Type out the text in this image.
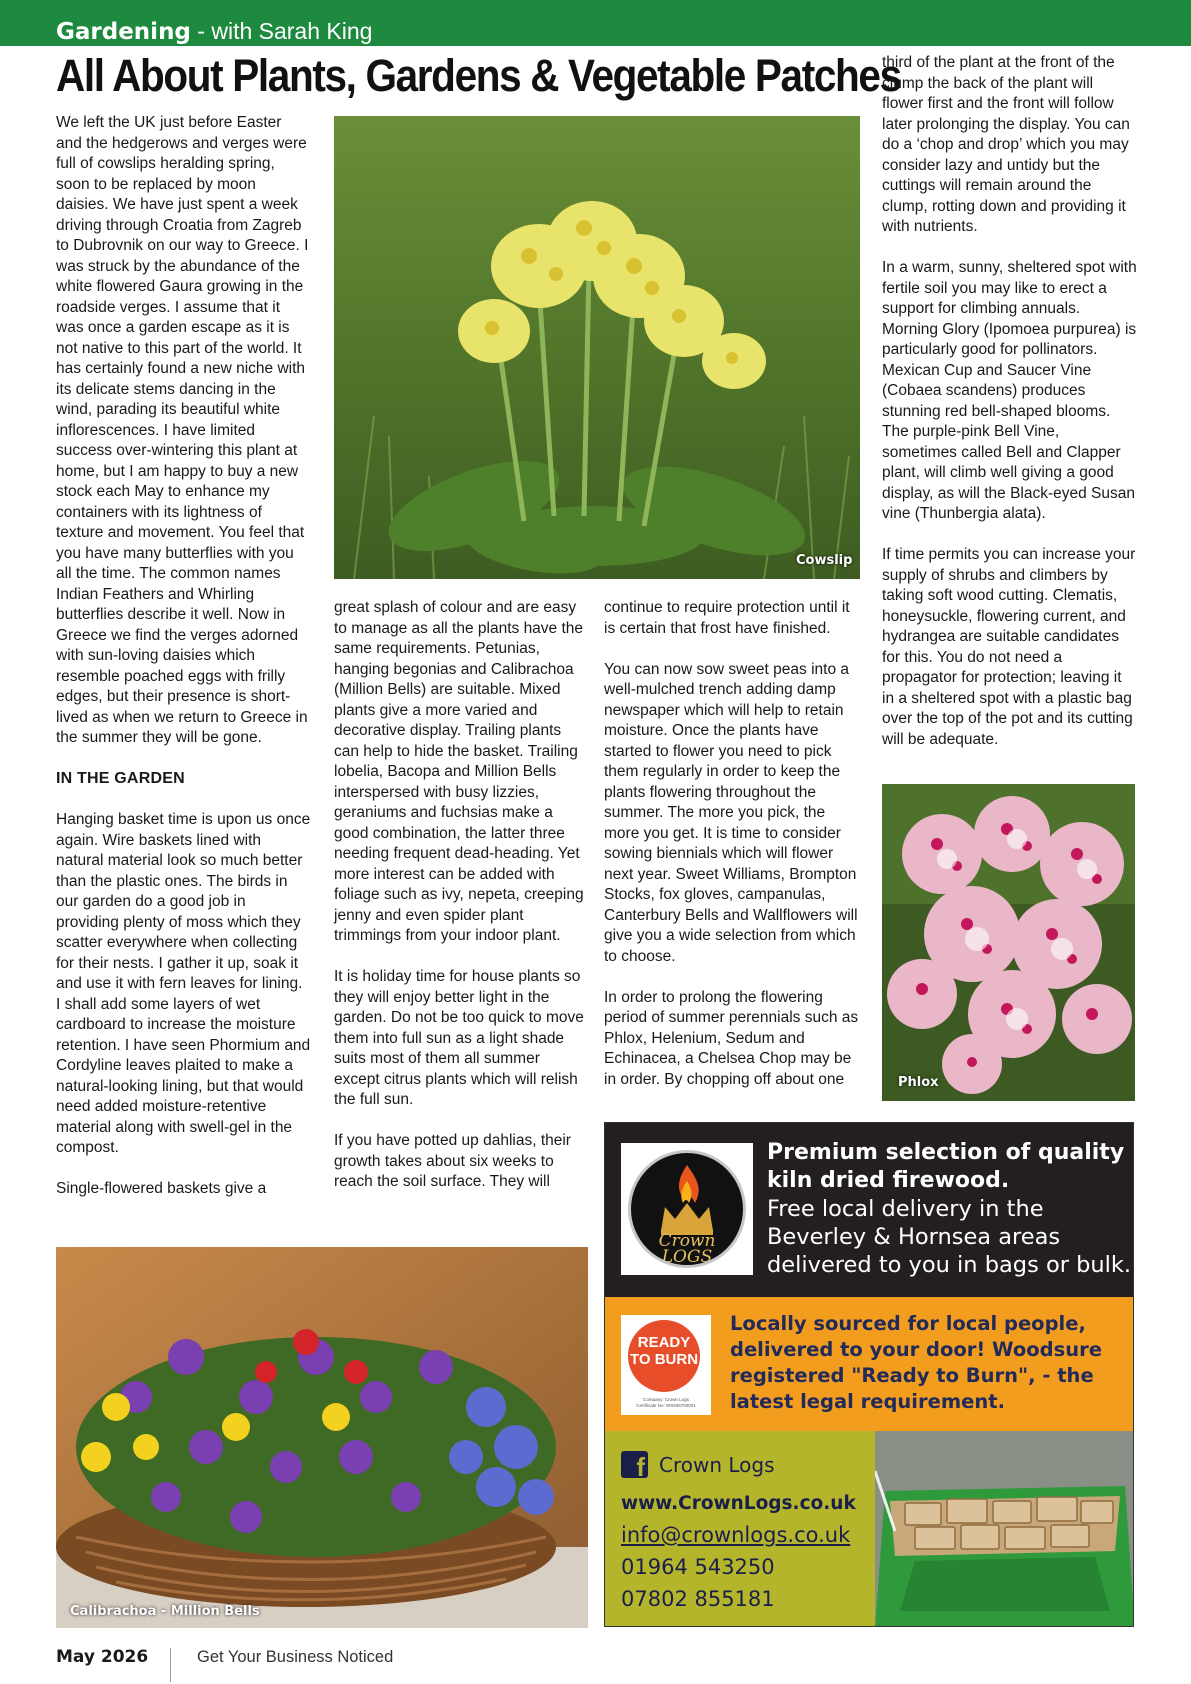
Gardening - with Sarah King
All About Plants, Gardens & Vegetable Patches

We left the UK just before Easter and the hedgerows and verges were full of cowslips heralding spring, soon to be replaced by moon daisies. We have just spent a week driving through Croatia from Zagreb to Dubrovnik on our way to Greece. I was struck by the abundance of the white flowered Gaura growing in the roadside verges. I assume that it was once a garden escape as it is not native to this part of the world. It has certainly found a new niche with its delicate stems dancing in the wind, parading its beautiful white inflorescences. I have limited success over-wintering this plant at home, but I am happy to buy a new stock each May to enhance my containers with its lightness of texture and movement. You feel that you have many butterflies with you all the time. The common names Indian Feathers and Whirling butterflies describe it well. Now in Greece we find the verges adorned with sun-loving daisies which resemble poached eggs with frilly edges, but their presence is short-lived as when we return to Greece in the summer they will be gone.

IN THE GARDEN

Hanging basket time is upon us once again. Wire baskets lined with natural material look so much better than the plastic ones. The birds in our garden do a good job in providing plenty of moss which they scatter everywhere when collecting for their nests. I gather it up, soak it and use it with fern leaves for lining. I shall add some layers of wet cardboard to increase the moisture retention. I have seen Phormium and Cordyline leaves plaited to make a natural-looking lining, but that would need added moisture-retentive material along with swell-gel in the compost.

Single-flowered baskets give a

Cowslip

great splash of colour and are easy to manage as all the plants have the same requirements. Petunias, hanging begonias and Calibrachoa (Million Bells) are suitable. Mixed plants give a more varied and decorative display. Trailing plants can help to hide the basket. Trailing lobelia, Bacopa and Million Bells interspersed with busy lizzies, geraniums and fuchsias make a good combination, the latter three needing frequent dead-heading. Yet more interest can be added with foliage such as ivy, nepeta, creeping jenny and even spider plant trimmings from your indoor plant.

It is holiday time for house plants so they will enjoy better light in the garden. Do not be too quick to move them into full sun as a light shade suits most of them all summer except citrus plants which will relish the full sun.

If you have potted up dahlias, their growth takes about six weeks to reach the soil surface. They will

continue to require protection until it is certain that frost have finished.

You can now sow sweet peas into a well-mulched trench adding damp newspaper which will help to retain moisture. Once the plants have started to flower you need to pick them regularly in order to keep the plants flowering throughout the summer. The more you pick, the more you get. It is time to consider sowing biennials which will flower next year. Sweet Williams, Brompton Stocks, fox gloves, campanulas, Canterbury Bells and Wallflowers will give you a wide selection from which to choose.

In order to prolong the flowering period of summer perennials such as Phlox, Helenium, Sedum and Echinacea, a Chelsea Chop may be in order. By chopping off about one

third of the plant at the front of the clump the back of the plant will flower first and the front will follow later prolonging the display. You can do a ‘chop and drop’ which you may consider lazy and untidy but the cuttings will remain around the clump, rotting down and providing it with nutrients.

In a warm, sunny, sheltered spot with fertile soil you may like to erect a support for climbing annuals. Morning Glory (Ipomoea purpurea) is particularly good for pollinators. Mexican Cup and Saucer Vine (Cobaea scandens) produces stunning red bell-shaped blooms. The purple-pink Bell Vine, sometimes called Bell and Clapper plant, will climb well giving a good display, as will the Black-eyed Susan vine (Thunbergia alata).

If time permits you can increase your supply of shrubs and climbers by taking soft wood cutting. Clematis, honeysuckle, flowering current, and hydrangea are suitable candidates for this. You do not need a propagator for protection; leaving it in a sheltered spot with a plastic bag over the top of the pot and its cutting will be adequate.

Phlox
Calibrachoa - Million Bells
Crown
LOGS
Premium selection of quality kiln dried firewood.
Free local delivery in the Beverley & Hornsea areas delivered to you in bags or bulk.
READY
TO BURN
Company: Crown Logs
Certificate No: WS506700001
Locally sourced for local people, delivered to your door! Woodsure registered "Ready to Burn", - the latest legal requirement.
f Crown Logs
www.CrownLogs.co.uk
info@crownlogs.co.uk
01964 543250
07802 855181
May 2026	Get Your Business Noticed
